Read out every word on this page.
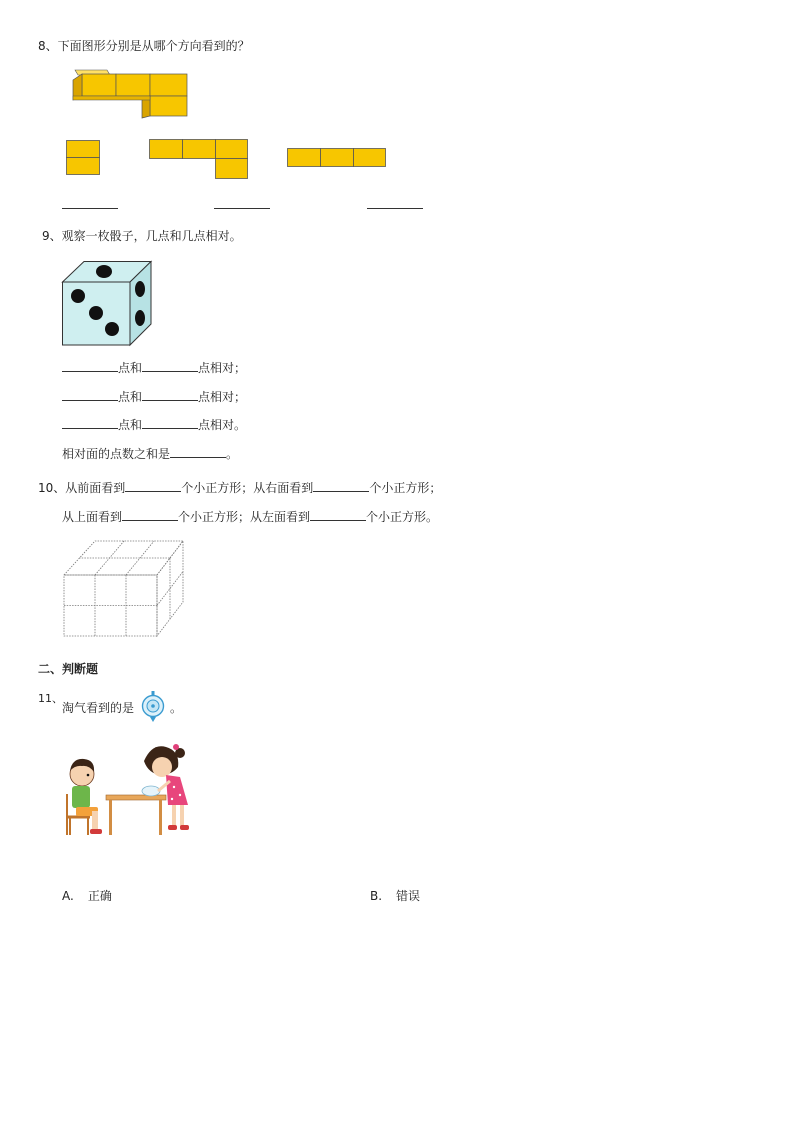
8、下面图形分别是从哪个方向看到的？
9、观察一枚骰子，几点和几点相对。
点和	点相对；
点和	点相对；
点和	点相对。
相对面的点数之和是	。
10、从前面看到	个小正方形；从右面看到	个小正方形；
从上面看到	个小正方形；从左面看到	个小正方形。
二、判断题
11、
淘气看到的是	。
A. 正确	B. 错误
